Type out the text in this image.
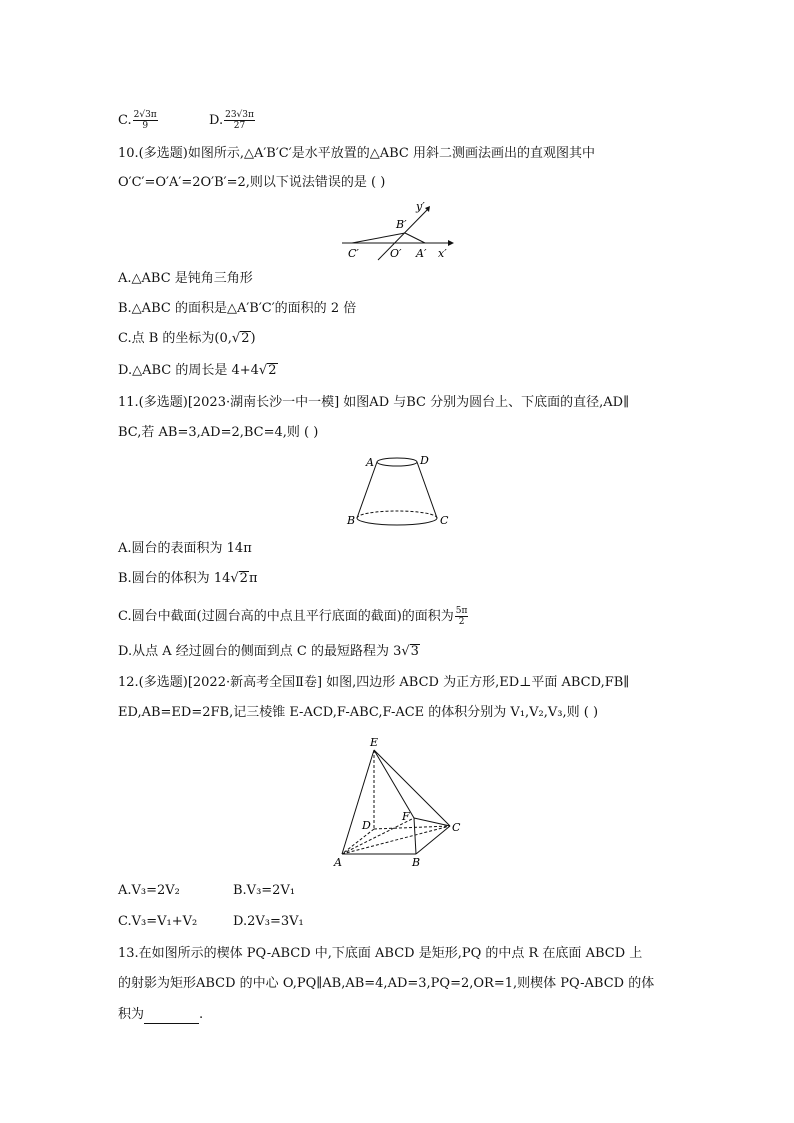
C. $\frac{2√3\pi}{9}$	D. $\frac{23√3\pi}{27}$
10.(多选题)如图所示,△A′B′C′是水平放置的△ABC 用斜二测画法画出的直观图其中
O′C′=O′A′=2O′B′=2,则以下说法错误的是 ( )
B′
y′
C′	O′ A′ x′
A.△ABC 是钝角三角形
B.△ABC 的面积是△A′B′C′的面积的 2 倍
C.点 B 的坐标为(0,√2)
D.△ABC 的周长是 4+4√2
11.(多选题)[2023·湖南长沙一中一模] 如图AD 与BC 分别为圆台上、下底面的直径,AD∥
BC,若 AB=3,AD=2,BC=4,则 ( )
A	D
B	C
A.圆台的表面积为 14π
B.圆台的体积为 14√2π
C.圆台中截面(过圆台高的中点且平行底面的截面)的面积为 $\frac{5\pi}{2}$
D.从点 A 经过圆台的侧面到点 C 的最短路程为 3√3
12.(多选题)[2022·新高考全国Ⅱ卷] 如图,四边形 ABCD 为正方形,ED⊥平面 ABCD,FB∥
ED,AB=ED=2FB,记三棱锥 E-ACD,F-ABC,F-ACE 的体积分别为 V₁,V₂,V₃,则 ( )
E
D
F
C
A	B
A.V₃=2V₂	B.V₃=2V₁
C.V₃=V₁+V₂	D.2V₃=3V₁
13.在如图所示的楔体 PQ-ABCD 中,下底面 ABCD 是矩形,PQ 的中点 R 在底面 ABCD 上
的射影为矩形ABCD 的中心 O,PQ∥AB,AB=4,AD=3,PQ=2,OR=1,则楔体 PQ-ABCD 的体
积为	.
